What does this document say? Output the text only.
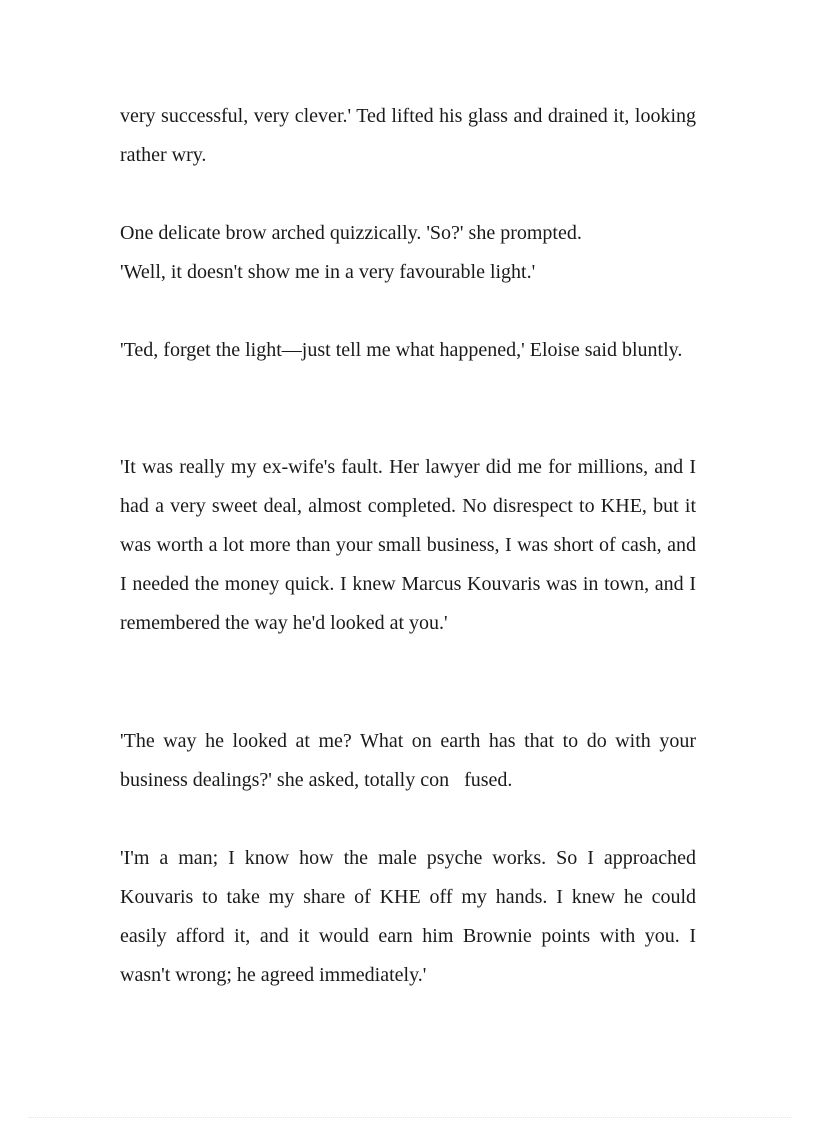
very successful, very clever.' Ted lifted his glass and drained it, looking rather wry.

One delicate brow arched quizzically. 'So?' she prompted.

'Well, it doesn't show me in a very favourable light.'

'Ted, forget the light—just tell me what happened,' Eloise said bluntly.

'It was really my ex-wife's fault. Her lawyer did me for millions, and I had a very sweet deal, almost completed. No disrespect to KHE, but it was worth a lot more than your small business, I was short of cash, and I needed the money quick. I knew Marcus Kouvaris was in town, and I remembered the way he'd looked at you.'

'The way he looked at me? What on earth has that to do with your business dealings?' she asked, totally con   fused.

'I'm a man; I know how the male psyche works. So I approached Kouvaris to take my share of KHE off my hands. I knew he could easily afford it, and it would earn him Brownie points with you. I wasn't wrong; he agreed immediately.'
